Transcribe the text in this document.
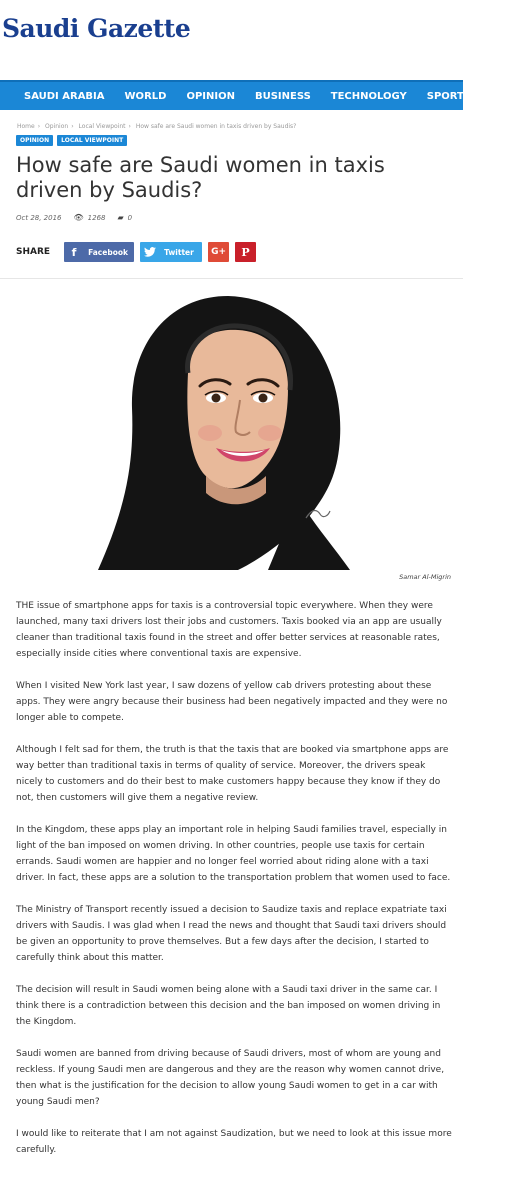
Saudi Gazette
SAUDI ARABIA WORLD OPINION BUSINESS TECHNOLOGY SPORT ▼ LIFE
Home › Opinion › Local Viewpoint › How safe are Saudi women in taxis driven by Saudis?
OPINION	LOCAL VIEWPOINT
How safe are Saudi women in taxis driven by Saudis?
Oct 28, 2016 👁 1268 ▰ 0
SHARE	f	Facebook	Twitter G+ P
Samar Al-Migrin

THE issue of smartphone apps for taxis is a controversial topic everywhere. When they were launched, many taxi drivers lost their jobs and customers. Taxis booked via an app are usually cleaner than traditional taxis found in the street and offer better services at reasonable rates, especially inside cities where conventional taxis are expensive.

When I visited New York last year, I saw dozens of yellow cab drivers protesting about these apps. They were angry because their business had been negatively impacted and they were no longer able to compete.

Although I felt sad for them, the truth is that the taxis that are booked via smartphone apps are way better than traditional taxis in terms of quality of service. Moreover, the drivers speak nicely to customers and do their best to make customers happy because they know if they do not, then customers will give them a negative review.

In the Kingdom, these apps play an important role in helping Saudi families travel, especially in light of the ban imposed on women driving. In other countries, people use taxis for certain errands. Saudi women are happier and no longer feel worried about riding alone with a taxi driver. In fact, these apps are a solution to the transportation problem that women used to face.

The Ministry of Transport recently issued a decision to Saudize taxis and replace expatriate taxi drivers with Saudis. I was glad when I read the news and thought that Saudi taxi drivers should be given an opportunity to prove themselves. But a few days after the decision, I started to carefully think about this matter.

The decision will result in Saudi women being alone with a Saudi taxi driver in the same car. I think there is a contradiction between this decision and the ban imposed on women driving in the Kingdom.

Saudi women are banned from driving because of Saudi drivers, most of whom are young and reckless. If young Saudi men are dangerous and they are the reason why women cannot drive, then what is the justification for the decision to allow young Saudi women to get in a car with young Saudi men?

I would like to reiterate that I am not against Saudization, but we need to look at this issue more carefully.
